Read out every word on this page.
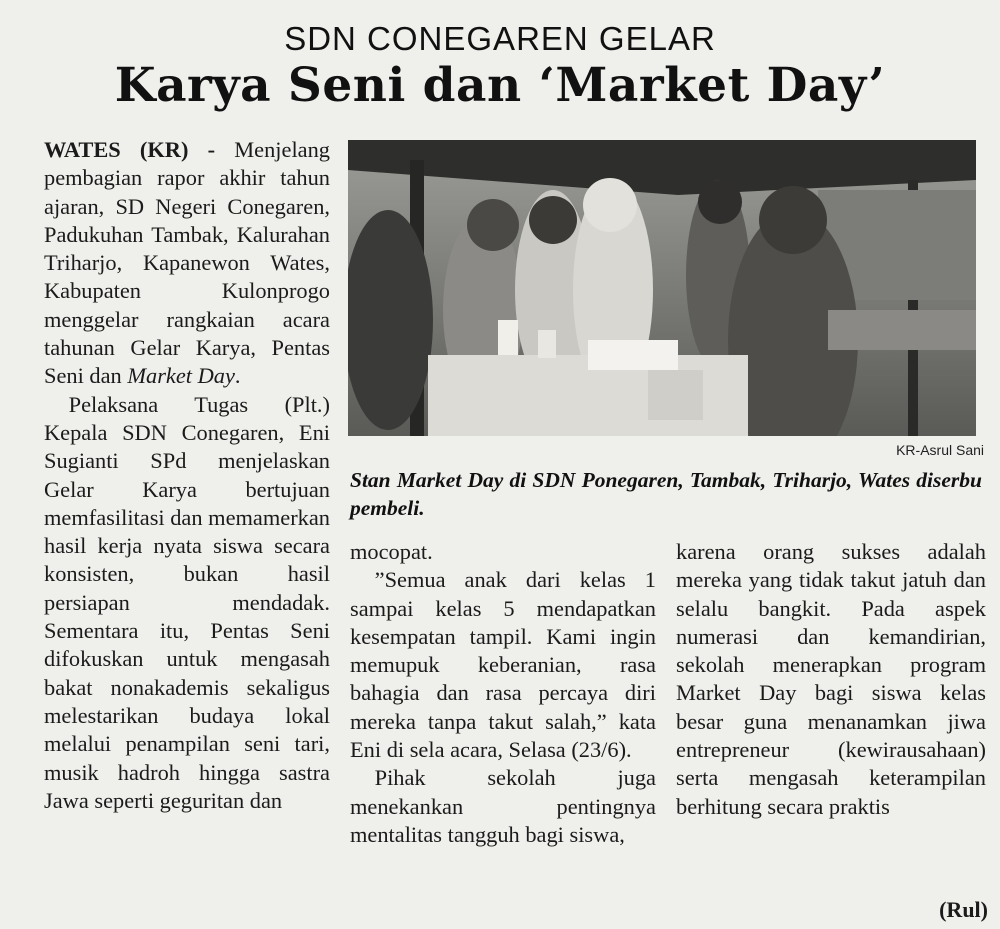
SDN CONEGAREN GELAR
Karya Seni dan ‘Market Day’

WATES (KR) - Menjelang pembagian rapor akhir tahun ajaran, SD Negeri Conegaren, Padukuhan Tambak, Kalurahan Triharjo, Kapanewon Wates, Kabupaten Kulonprogo menggelar rangkaian acara tahunan Gelar Karya, Pentas Seni dan Market Day.

Pelaksana Tugas (Plt.) Kepala SDN Conegaren, Eni Sugianti SPd menjelaskan Gelar Karya bertujuan memfasilitasi dan memamerkan hasil kerja nyata siswa secara konsisten, bukan hasil persiapan mendadak. Sementara itu, Pentas Seni difokuskan untuk mengasah bakat nonakademis sekaligus melestarikan budaya lokal melalui penampilan seni tari, musik hadroh hingga sastra Jawa seperti geguritan dan

KR-Asrul Sani
Stan Market Day di SDN Ponegaren, Tambak, Triharjo, Wates diserbu pembeli.

mocopat.

”Semua anak dari kelas 1 sampai kelas 5 mendapatkan kesempatan tampil. Kami ingin memupuk keberanian, rasa bahagia dan rasa percaya diri mereka tanpa takut salah,” kata Eni di sela acara, Selasa (23/6).

Pihak sekolah juga menekankan pentingnya mentalitas tangguh bagi siswa,

karena orang sukses adalah mereka yang tidak takut jatuh dan selalu bangkit. Pada aspek numerasi dan kemandirian, sekolah menerapkan program Market Day bagi siswa kelas besar guna menanamkan jiwa entrepreneur (kewirausahaan) serta mengasah keterampilan berhitung secara praktis

(Rul)
